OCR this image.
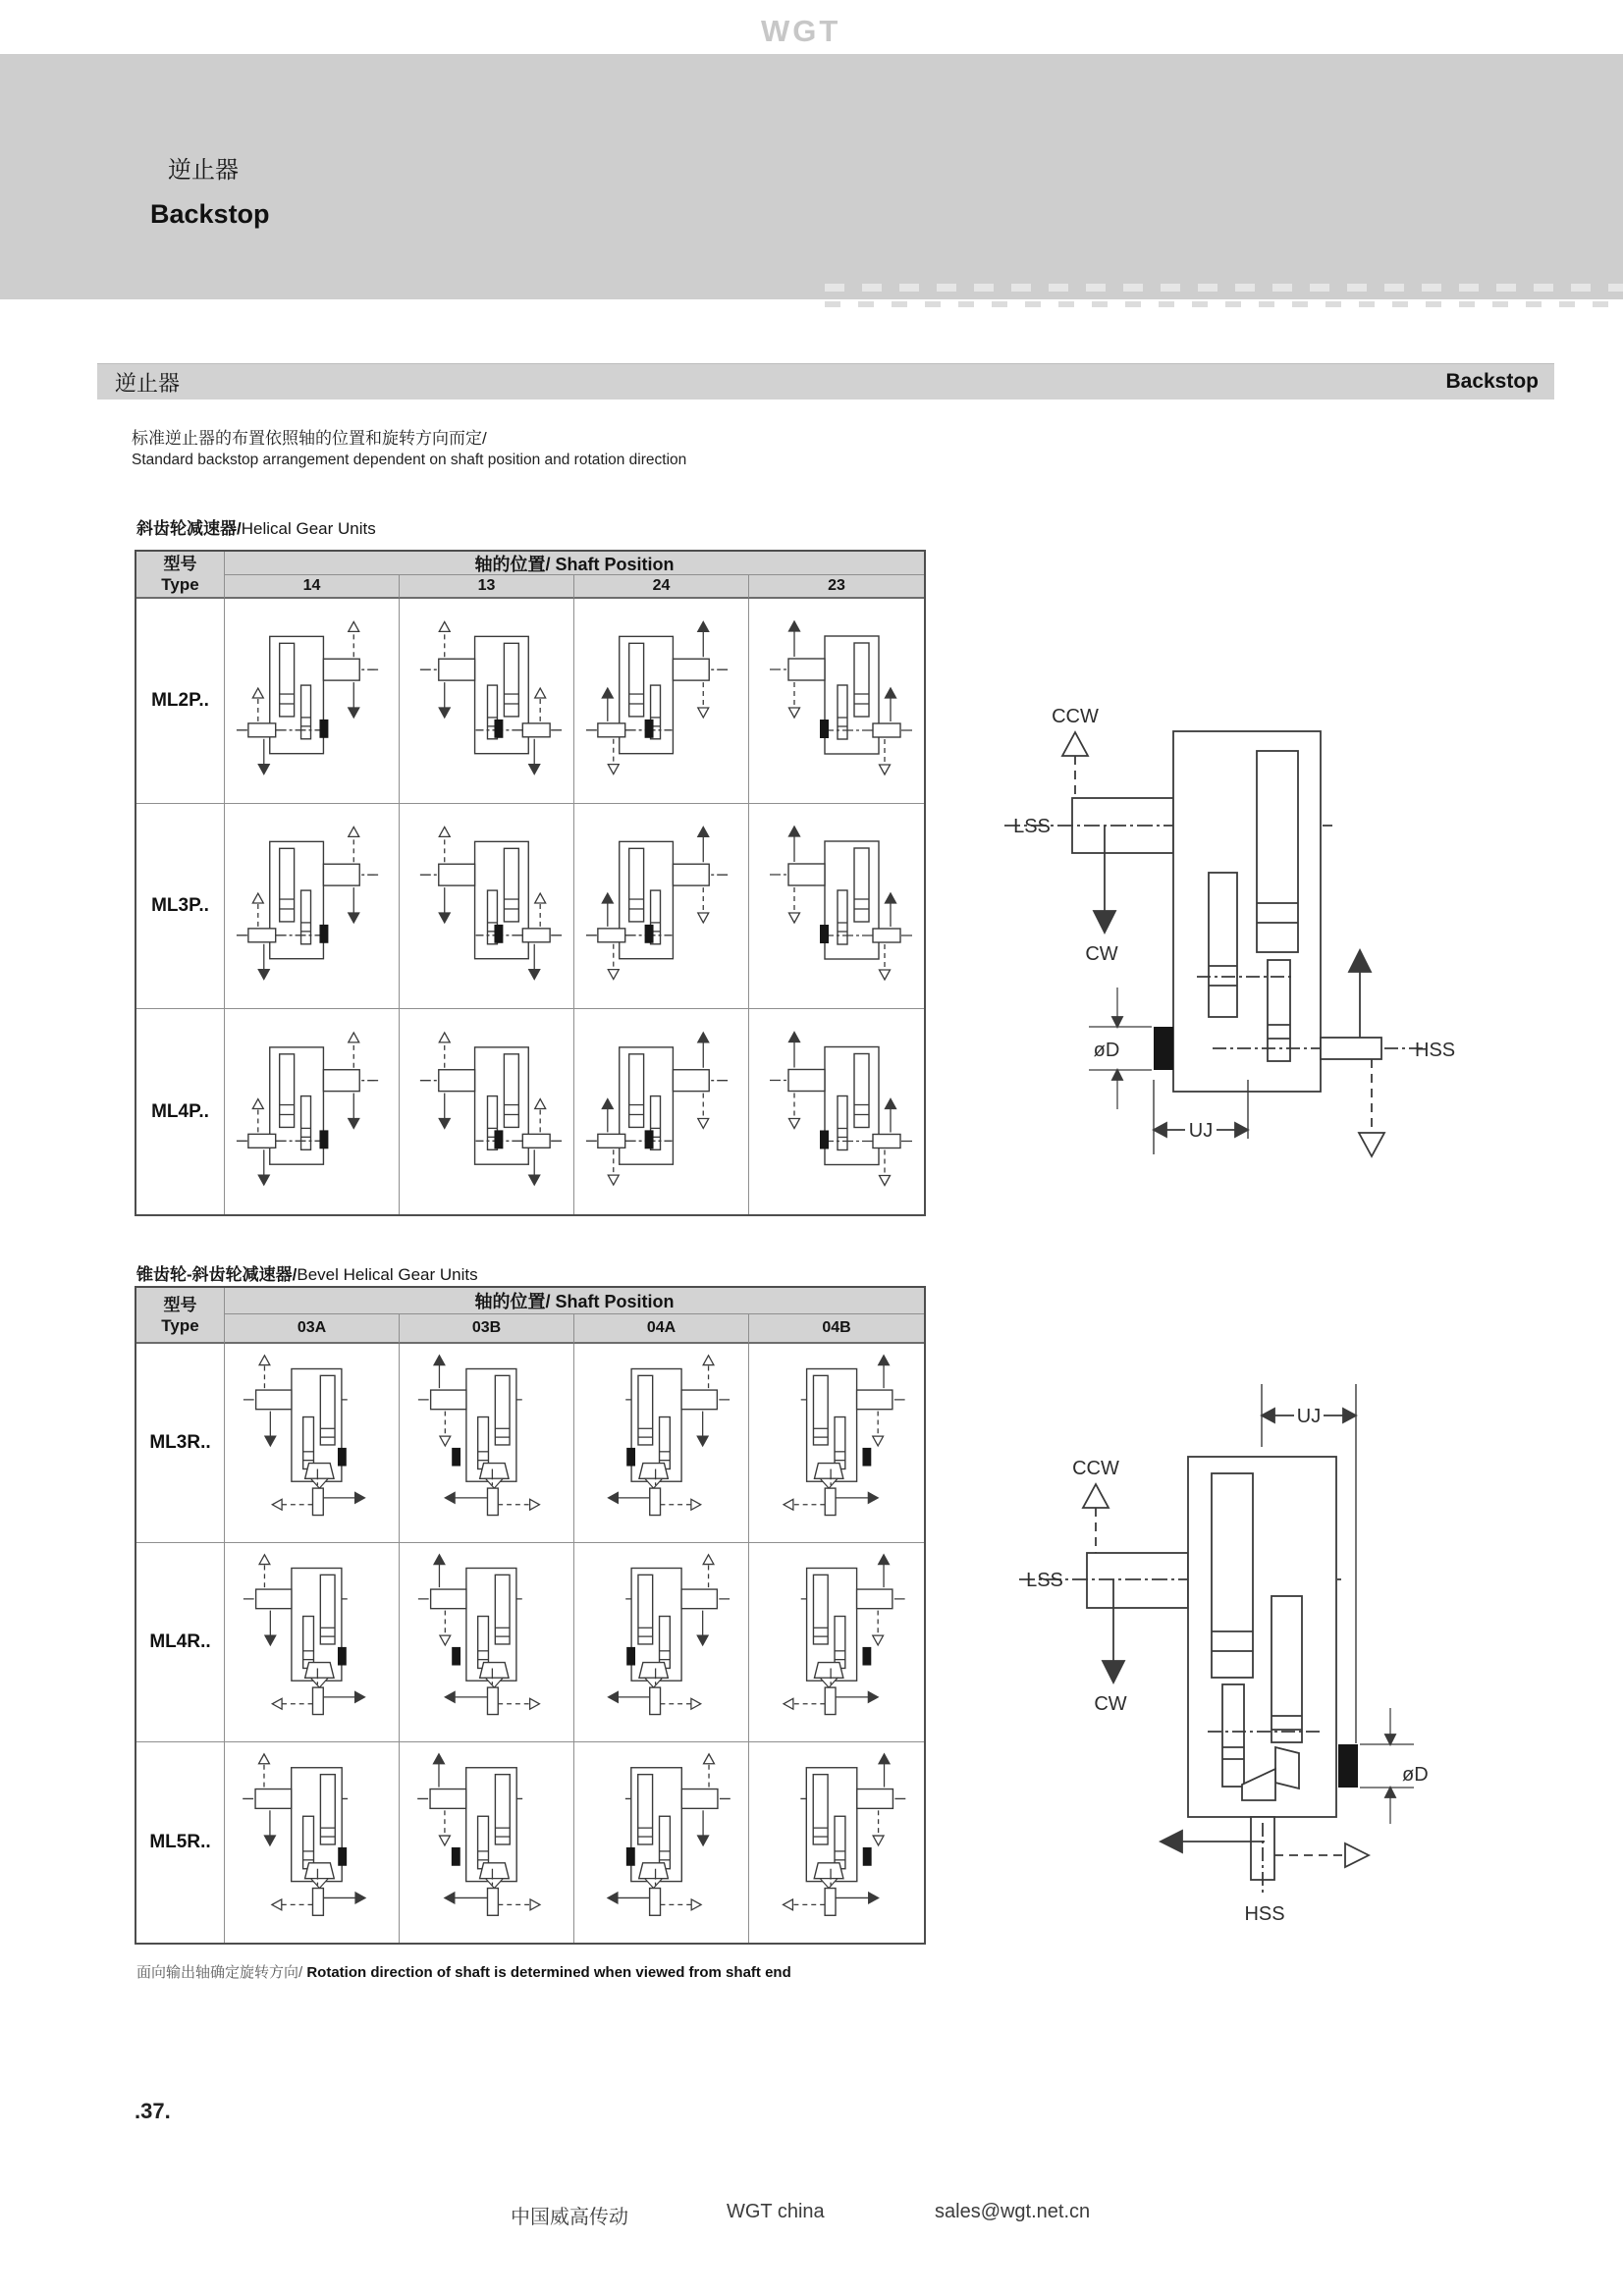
WGT
逆止器
Backstop
逆止器	Backstop
标准逆止器的布置依照轴的位置和旋转方向而定/
Standard backstop arrangement dependent on shaft position and rotation direction
斜齿轮减速器/Helical Gear Units
型号
Type
轴的位置/ Shaft Position
14	13	24	23
ML2P..
ML3P..
ML4P..
CCW
LSS
CW
øD
UJ
HSS
锥齿轮-斜齿轮减速器/Bevel Helical Gear Units
型号
Type
轴的位置/ Shaft Position
03A	03B	04A	04B
ML3R..
ML4R..
ML5R..
UJ
CCW
LSS
CW
øD
HSS
面向输出轴确定旋转方向/ Rotation direction of shaft is determined when viewed from shaft end
.37.
中国威高传动	WGT china	sales@wgt.net.cn
